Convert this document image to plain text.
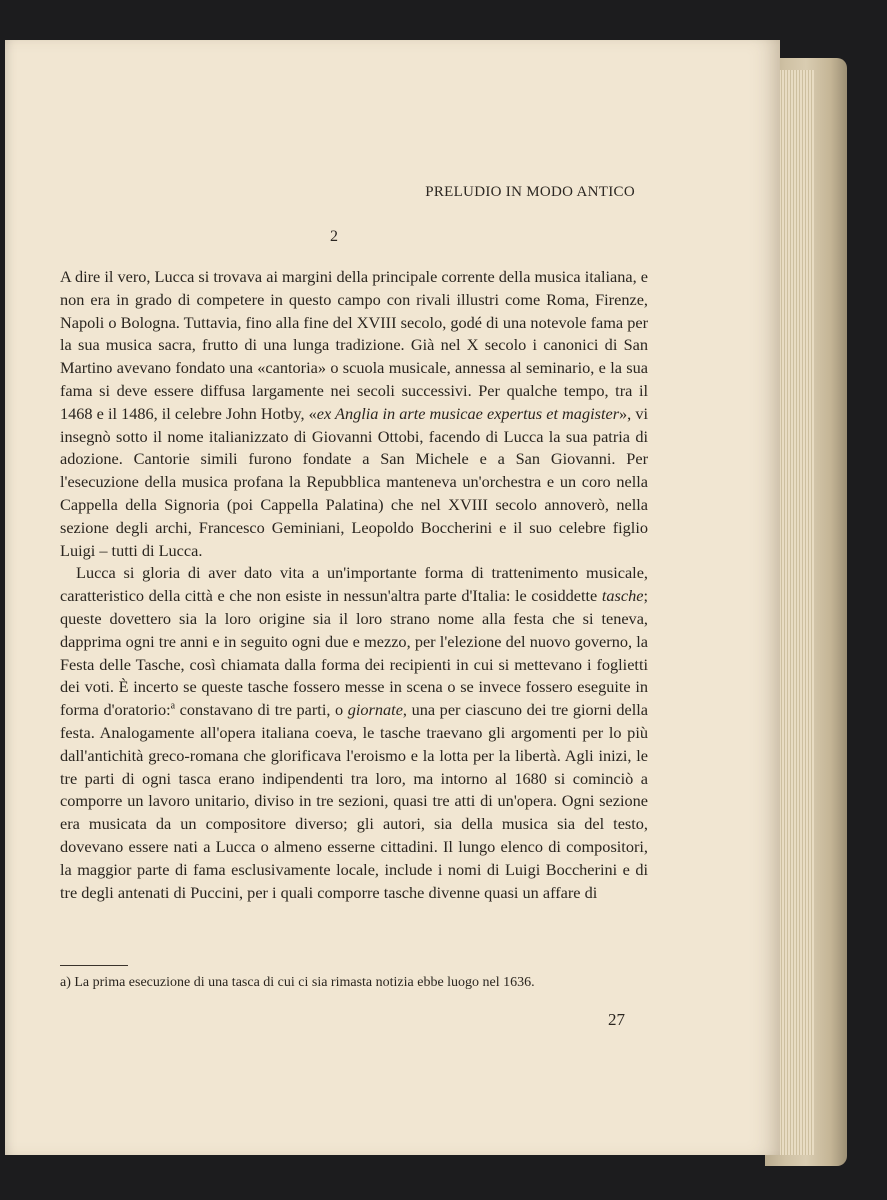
PRELUDIO IN MODO ANTICO
2

A dire il vero, Lucca si trovava ai margini della principale corrente della musica italiana, e non era in grado di competere in questo campo con rivali illustri come Roma, Firenze, Napoli o Bologna. Tuttavia, fino alla fine del XVIII secolo, godé di una notevole fama per la sua musica sacra, frutto di una lunga tradizione. Già nel X secolo i canonici di San Martino avevano fondato una «cantoria» o scuola musicale, annessa al seminario, e la sua fama si deve essere diffusa largamente nei secoli successivi. Per qualche tempo, tra il 1468 e il 1486, il celebre John Hotby, «ex Anglia in arte musicae expertus et magister», vi insegnò sotto il nome italianizzato di Giovanni Ottobi, facendo di Lucca la sua patria di adozione. Cantorie simili furono fondate a San Michele e a San Giovanni. Per l'esecuzione della musica profana la Repubblica manteneva un'orchestra e un coro nella Cappella della Signoria (poi Cappella Palatina) che nel XVIII secolo annoverò, nella sezione degli archi, Francesco Geminiani, Leopoldo Boccherini e il suo celebre figlio Luigi – tutti di Lucca.

Lucca si gloria di aver dato vita a un'importante forma di trattenimento musicale, caratteristico della città e che non esiste in nessun'altra parte d'Italia: le cosiddette tasche; queste dovettero sia la loro origine sia il loro strano nome alla festa che si teneva, dapprima ogni tre anni e in seguito ogni due e mezzo, per l'elezione del nuovo governo, la Festa delle Tasche, così chiamata dalla forma dei recipienti in cui si mettevano i foglietti dei voti. È incerto se queste tasche fossero messe in scena o se invece fossero eseguite in forma d'oratorio:$^a$ constavano di tre parti, o giornate, una per ciascuno dei tre giorni della festa. Analogamente all'opera italiana coeva, le tasche traevano gli argomenti per lo più dall'antichità greco-romana che glorificava l'eroismo e la lotta per la libertà. Agli inizi, le tre parti di ogni tasca erano indipendenti tra loro, ma intorno al 1680 si cominciò a comporre un lavoro unitario, diviso in tre sezioni, quasi tre atti di un'opera. Ogni sezione era musicata da un compositore diverso; gli autori, sia della musica sia del testo, dovevano essere nati a Lucca o almeno esserne cittadini. Il lungo elenco di compositori, la maggior parte di fama esclusivamente locale, include i nomi di Luigi Boccherini e di tre degli antenati di Puccini, per i quali comporre tasche divenne quasi un affare di

a) La prima esecuzione di una tasca di cui ci sia rimasta notizia ebbe luogo nel 1636.
27
